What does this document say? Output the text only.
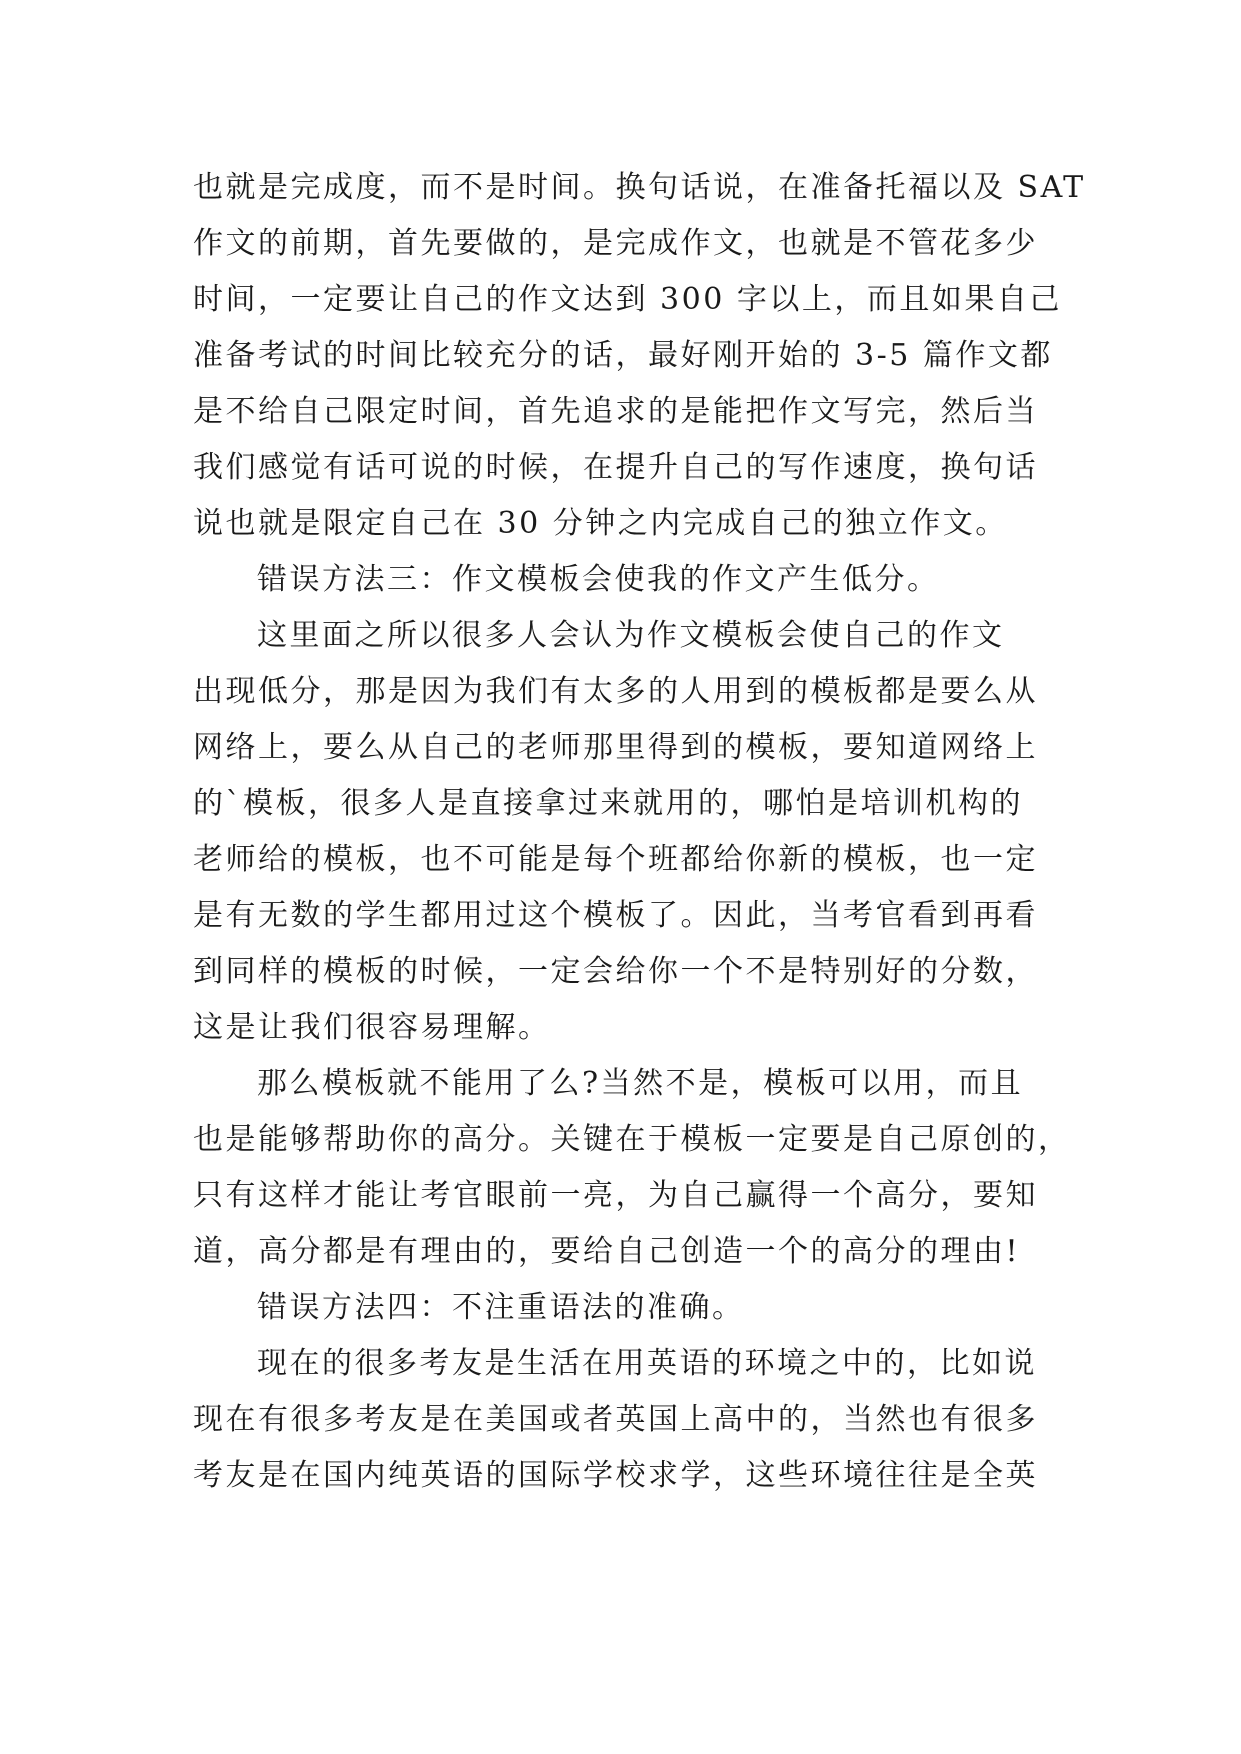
也就是完成度，而不是时间。换句话说，在准备托福以及 SAT
作文的前期，首先要做的，是完成作文，也就是不管花多少
时间，一定要让自己的作文达到 300 字以上，而且如果自己
准备考试的时间比较充分的话，最好刚开始的 3-5 篇作文都
是不给自己限定时间，首先追求的是能把作文写完，然后当
我们感觉有话可说的时候，在提升自己的写作速度，换句话
说也就是限定自己在 30 分钟之内完成自己的独立作文。
错误方法三：作文模板会使我的作文产生低分。
这里面之所以很多人会认为作文模板会使自己的作文
出现低分，那是因为我们有太多的人用到的模板都是要么从
网络上，要么从自己的老师那里得到的模板，要知道网络上
的`模板，很多人是直接拿过来就用的，哪怕是培训机构的
老师给的模板，也不可能是每个班都给你新的模板，也一定
是有无数的学生都用过这个模板了。因此，当考官看到再看
到同样的模板的时候，一定会给你一个不是特别好的分数，
这是让我们很容易理解。
那么模板就不能用了么?当然不是，模板可以用，而且
也是能够帮助你的高分。关键在于模板一定要是自己原创的，
只有这样才能让考官眼前一亮，为自己赢得一个高分，要知
道，高分都是有理由的，要给自己创造一个的高分的理由!
错误方法四：不注重语法的准确。
现在的很多考友是生活在用英语的环境之中的，比如说
现在有很多考友是在美国或者英国上高中的，当然也有很多
考友是在国内纯英语的国际学校求学，这些环境往往是全英
